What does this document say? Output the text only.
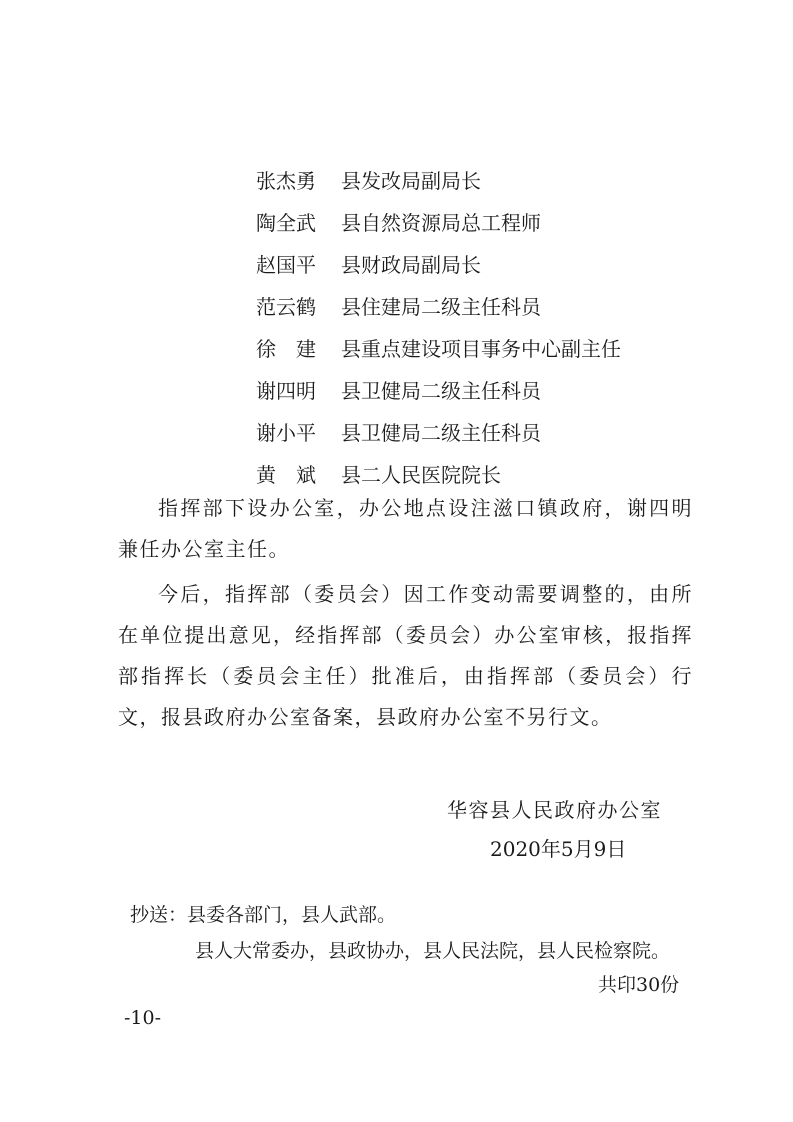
张杰勇 县发改局副局长
陶全武 县自然资源局总工程师
赵国平 县财政局副局长
范云鹤 县住建局二级主任科员
徐建 县重点建设项目事务中心副主任
谢四明 县卫健局二级主任科员
谢小平 县卫健局二级主任科员
黄斌 县二人民医院院长

指挥部下设办公室，办公地点设注滋口镇政府，谢四明兼任办公室主任。

今后，指挥部（委员会）因工作变动需要调整的，由所在单位提出意见，经指挥部（委员会）办公室审核，报指挥部指挥长（委员会主任）批准后，由指挥部（委员会）行文，报县政府办公室备案，县政府办公室不另行文。

华容县人民政府办公室
2020年5月9日
抄送：县委各部门，县人武部。
县人大常委办，县政协办，县人民法院，县人民检察院。
共印30份
-10-
